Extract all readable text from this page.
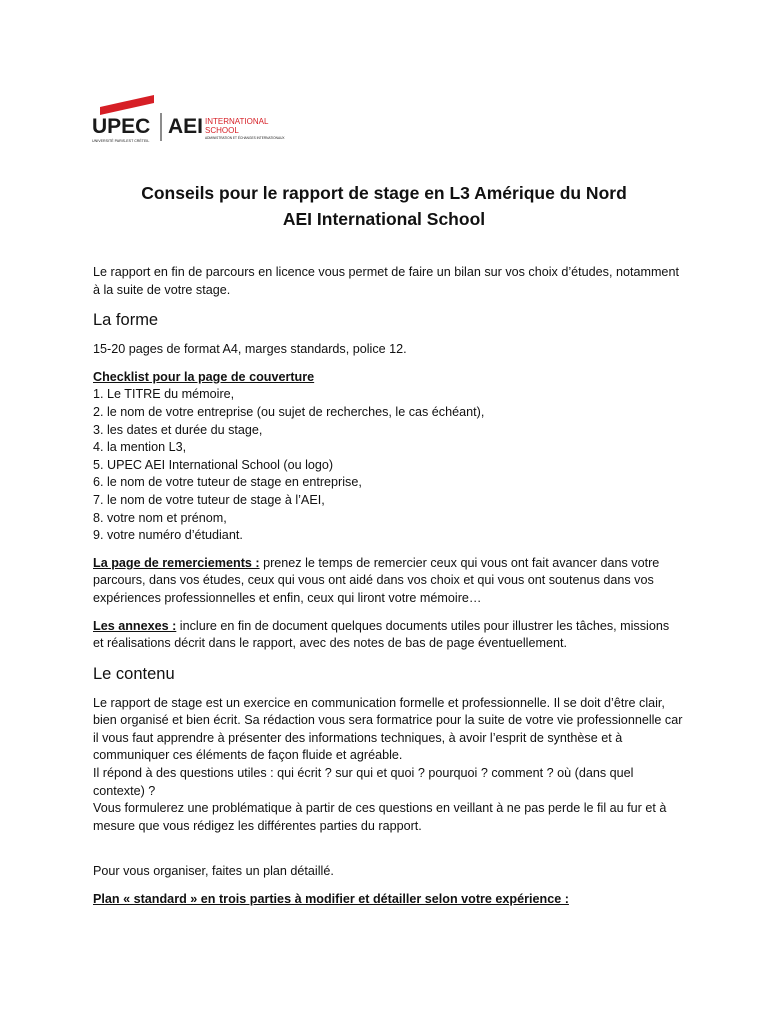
UPEC
UNIVERSITÉ PARIS-EST CRÉTEIL
AEI INTERNATIONAL
SCHOOL
ADMINISTRATION ET ÉCHANGES INTERNATIONAUX
Conseils pour le rapport de stage en L3 Amérique du Nord
AEI International School

Le rapport en fin de parcours en licence vous permet de faire un bilan sur vos choix d’études, notamment à la suite de votre stage.

La forme

15-20 pages de format A4, marges standards, police 12.

Checklist pour la page de couverture

1. Le TITRE du mémoire,
2. le nom de votre entreprise (ou sujet de recherches, le cas échéant),
3. les dates et durée du stage,
4. la mention L3,
5. UPEC AEI International School (ou logo)
6. le nom de votre tuteur de stage en entreprise,
7. le nom de votre tuteur de stage à l’AEI,
8. votre nom et prénom,
9. votre numéro d’étudiant.

La page de remerciements : prenez le temps de remercier ceux qui vous ont fait avancer dans votre parcours, dans vos études, ceux qui vous ont aidé dans vos choix et qui vous ont soutenus dans vos expériences professionnelles et enfin, ceux qui liront votre mémoire…

Les annexes : inclure en fin de document quelques documents utiles pour illustrer les tâches, missions et réalisations décrit dans le rapport, avec des notes de bas de page éventuellement.

Le contenu

Le rapport de stage est un exercice en communication formelle et professionnelle. Il se doit d’être clair, bien organisé et bien écrit. Sa rédaction vous sera formatrice pour la suite de votre vie professionnelle car il vous faut apprendre à présenter des informations techniques, à avoir l’esprit de synthèse et à communiquer ces éléments de façon fluide et agréable.

Il répond à des questions utiles : qui écrit ? sur qui et quoi ? pourquoi ? comment ? où (dans quel contexte) ?

Vous formulerez une problématique à partir de ces questions en veillant à ne pas perde le fil au fur et à mesure que vous rédigez les différentes parties du rapport.

Pour vous organiser, faites un plan détaillé.

Plan « standard » en trois parties à modifier et détailler selon votre expérience :
